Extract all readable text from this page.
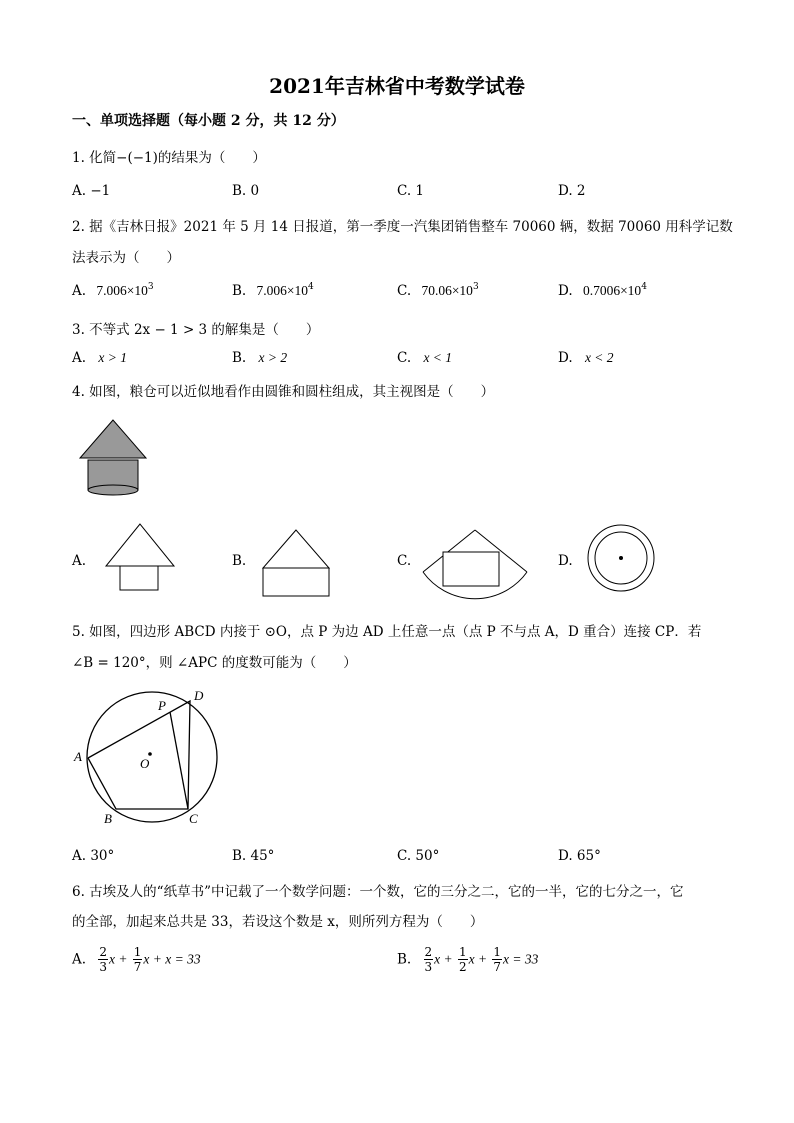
2021年吉林省中考数学试卷
一、单项选择题（每小题 2 分，共 12 分）
1. 化简−(−1)的结果为（　　）
A. −1	B. 0	C. 1	D. 2
2. 据《吉林日报》2021 年 5 月 14 日报道，第一季度一汽集团销售整车 70060 辆，数据 70060 用科学记数
法表示为（　　）
A. $7.006\times 10^3$	B. $7.006\times 10^4$	C. $70.06\times 10^3$	D. $0.7006\times 10^4$
3. 不等式 2x − 1 > 3 的解集是（　　）
A. x > 1	B. x > 2	C. x < 1	D. x < 2
4. 如图，粮仓可以近似地看作由圆锥和圆柱组成，其主视图是（　　）
A.	B.	C.	D.
5. 如图，四边形 ABCD 内接于 ⊙O，点 P 为边 AD 上任意一点（点 P 不与点 A，D 重合）连接 CP．若
∠B = 120°，则 ∠APC 的度数可能为（　　）
A
B	C
D
P
O
A. 30°	B. 45°	C. 50°	D. 65°
6. 古埃及人的“纸草书”中记载了一个数学问题：一个数，它的三分之二，它的一半，它的七分之一，它
的全部，加起来总共是 33，若设这个数是 x，则所列方程为（　　）
A. $\frac{2}{3}$ $x + \frac{1}{7}$ x + x = 33	B. $\frac{2}{3}$ $x + \frac{1}{2}$ $x + \frac{1}{7}$ x = 33
